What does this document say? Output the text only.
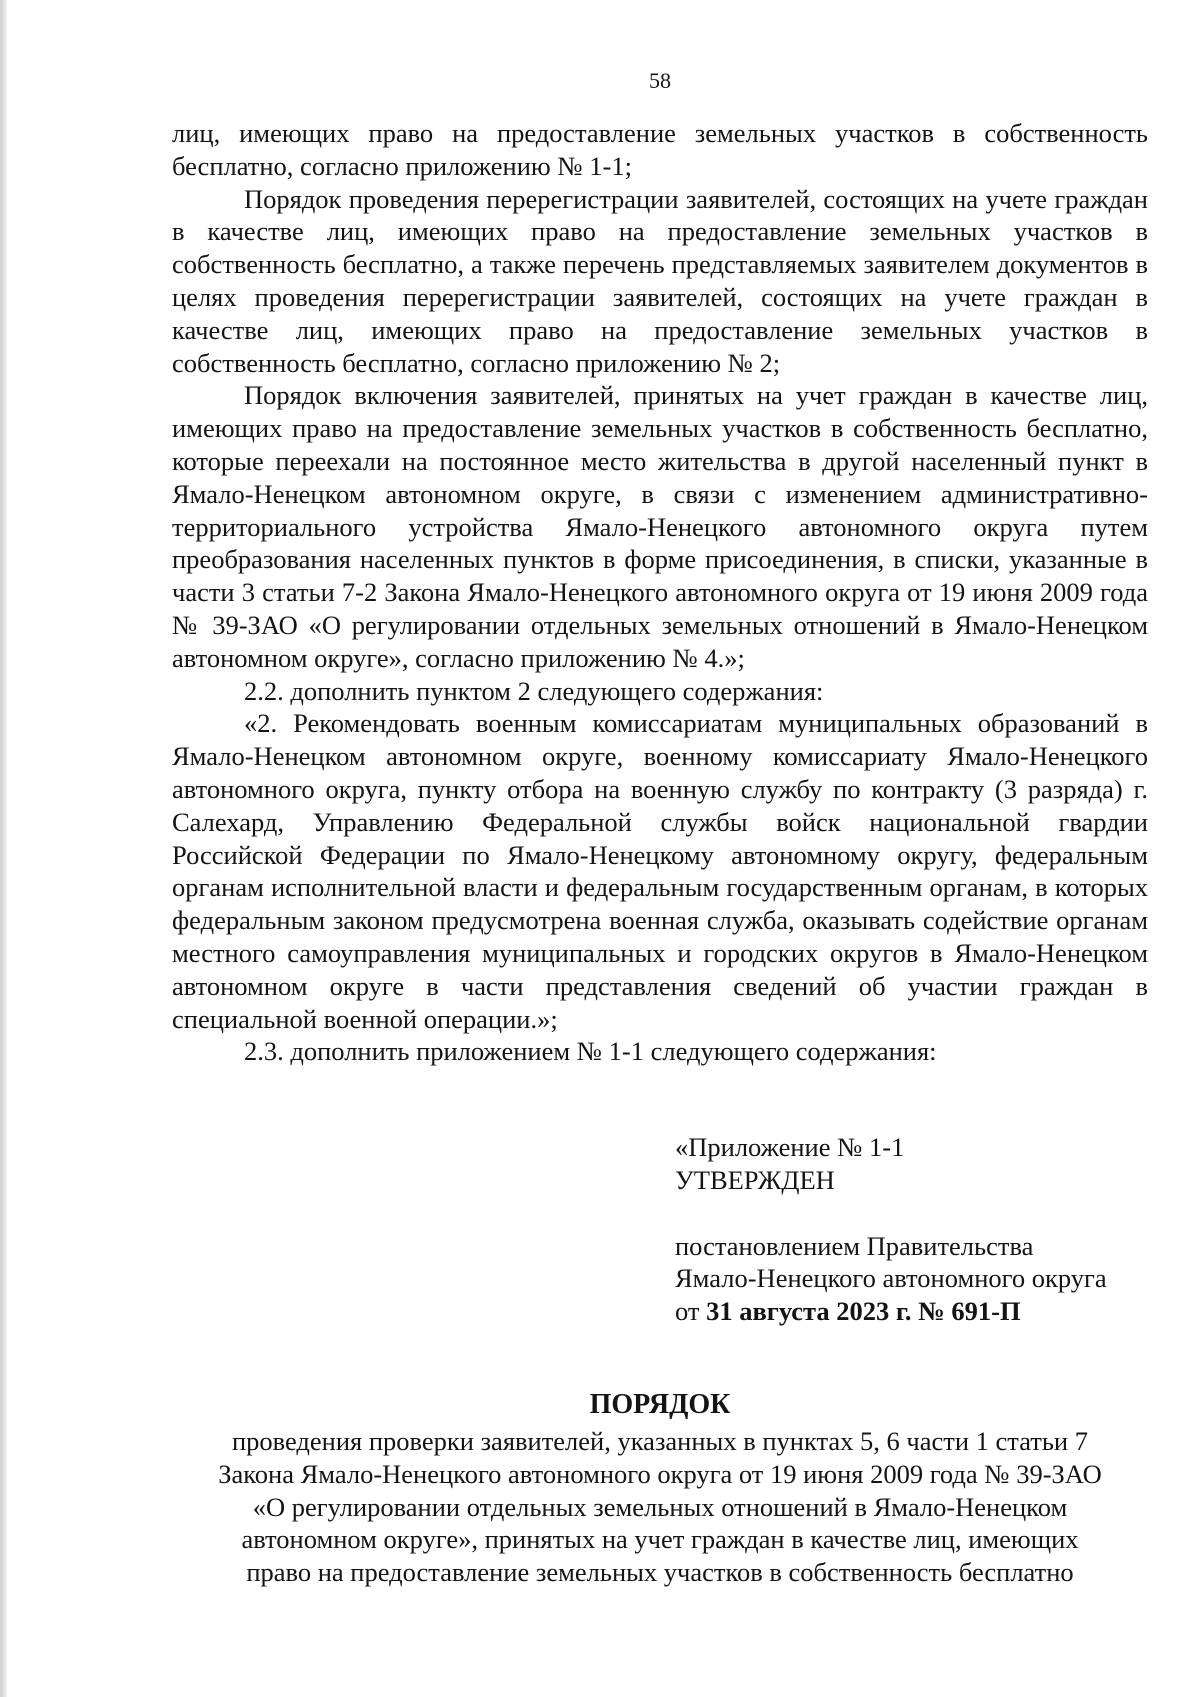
58

лиц, имеющих право на предоставление земельных участков в собственность бесплатно, согласно приложению № 1-1;

Порядок проведения перерегистрации заявителей, состоящих на учете граждан в качестве лиц, имеющих право на предоставление земельных участков в собственность бесплатно, а также перечень представляемых заявителем документов в целях проведения перерегистрации заявителей, состоящих на учете граждан в качестве лиц, имеющих право на предоставление земельных участков в собственность бесплатно, согласно приложению № 2;

Порядок включения заявителей, принятых на учет граждан в качестве лиц, имеющих право на предоставление земельных участков в собственность бесплатно, которые переехали на постоянное место жительства в другой населенный пункт в Ямало-Ненецком автономном округе, в связи с изменением административно-территориального устройства Ямало-Ненецкого автономного округа путем преобразования населенных пунктов в форме присоединения, в списки, указанные в части 3 статьи 7-2 Закона Ямало-Ненецкого автономного округа от 19 июня 2009 года № 39-ЗАО «О регулировании отдельных земельных отношений в Ямало-Ненецком автономном округе», согласно приложению № 4.»;

2.2. дополнить пунктом 2 следующего содержания:

«2. Рекомендовать военным комиссариатам муниципальных образований в Ямало-Ненецком автономном округе, военному комиссариату Ямало-Ненецкого автономного округа, пункту отбора на военную службу по контракту (3 разряда) г. Салехард, Управлению Федеральной службы войск национальной гвардии Российской Федерации по Ямало-Ненецкому автономному округу, федеральным органам исполнительной власти и федеральным государственным органам, в которых федеральным законом предусмотрена военная служба, оказывать содействие органам местного самоуправления муниципальных и городских округов в Ямало-Ненецком автономном округе в части представления сведений об участии граждан в специальной военной операции.»;

2.3. дополнить приложением № 1-1 следующего содержания:

«Приложение № 1-1
УТВЕРЖДЕН
постановлением Правительства
Ямало-Ненецкого автономного округа
от 31 августа 2023 г. № 691-П
ПОРЯДОК
проведения проверки заявителей, указанных в пунктах 5, 6 части 1 статьи 7
Закона Ямало-Ненецкого автономного округа от 19 июня 2009 года № 39-ЗАО
«О регулировании отдельных земельных отношений в Ямало-Ненецком
автономном округе», принятых на учет граждан в качестве лиц, имеющих
право на предоставление земельных участков в собственность бесплатно
